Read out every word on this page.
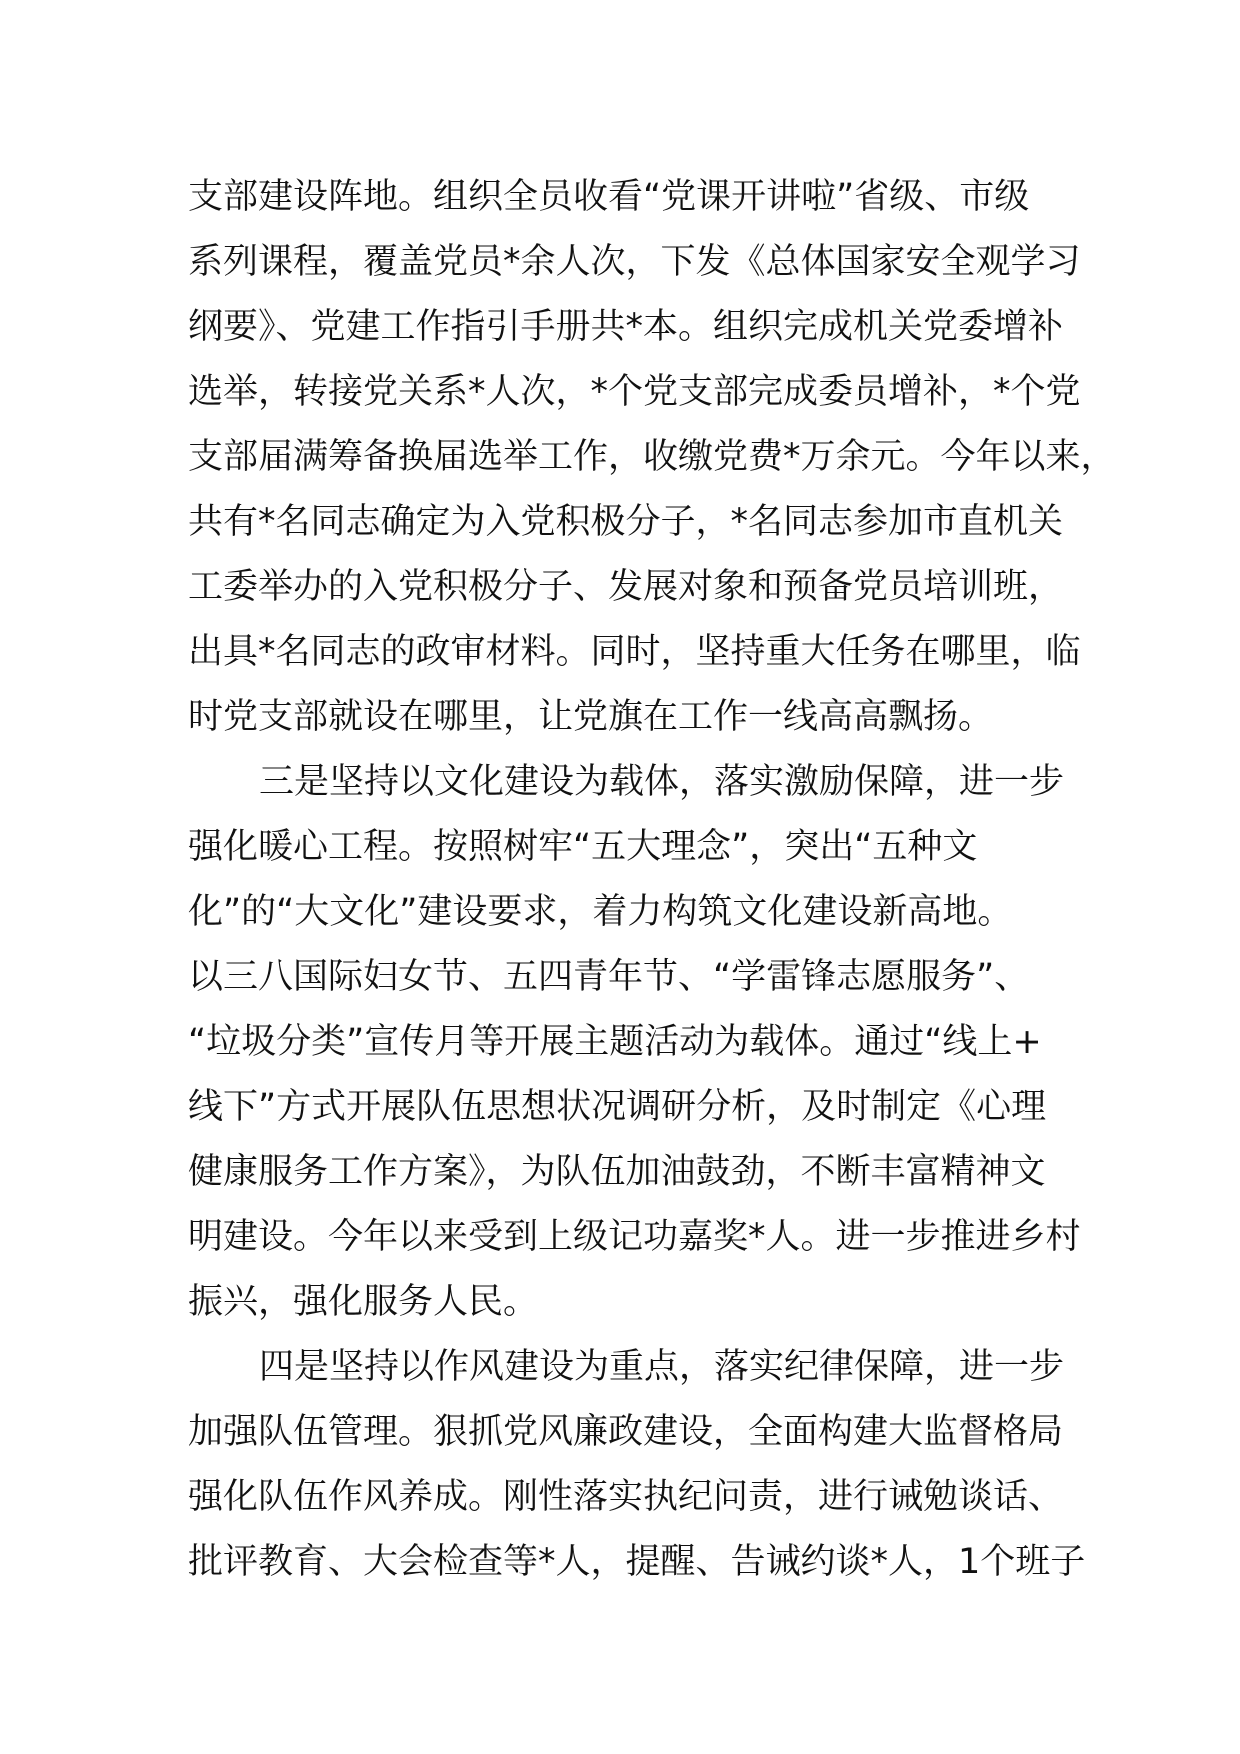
支部建设阵地。组织全员收看“党课开讲啦”省级、市级
系列课程，覆盖党员*余人次，下发《总体国家安全观学习
纲要》、党建工作指引手册共*本。组织完成机关党委增补
选举，转接党关系*人次，*个党支部完成委员增补，*个党
支部届满筹备换届选举工作，收缴党费*万余元。今年以来，
共有*名同志确定为入党积极分子，*名同志参加市直机关
工委举办的入党积极分子、发展对象和预备党员培训班，
出具*名同志的政审材料。同时，坚持重大任务在哪里，临
时党支部就设在哪里，让党旗在工作一线高高飘扬。
三是坚持以文化建设为载体，落实激励保障，进一步
强化暖心工程。按照树牢“五大理念”，突出“五种文
化”的“大文化”建设要求，着力构筑文化建设新高地。
以三八国际妇女节、五四青年节、“学雷锋志愿服务”、
“垃圾分类”宣传月等开展主题活动为载体。通过“线上+
线下”方式开展队伍思想状况调研分析，及时制定《心理
健康服务工作方案》，为队伍加油鼓劲，不断丰富精神文
明建设。今年以来受到上级记功嘉奖*人。进一步推进乡村
振兴，强化服务人民。
四是坚持以作风建设为重点，落实纪律保障，进一步
加强队伍管理。狠抓党风廉政建设，全面构建大监督格局
强化队伍作风养成。刚性落实执纪问责，进行诫勉谈话、
批评教育、大会检查等*人，提醒、告诫约谈*人，1个班子
